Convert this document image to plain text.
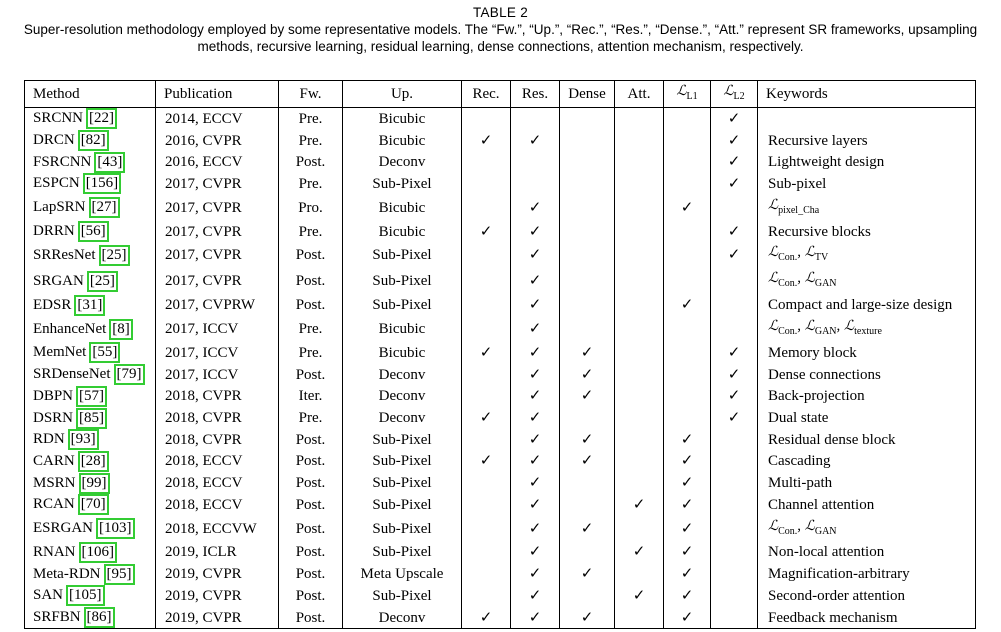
TABLE 2
Super-resolution methodology employed by some representative models. The “Fw.”, “Up.”, “Rec.”, “Res.”, “Dense.”, “Att.” represent SR frameworks, upsampling methods, recursive learning, residual learning, dense connections, attention mechanism, respectively.
Method	Publication	Fw.	Up.	Rec.	Res.	Dense	Att.	ℒ$_{L1}$	ℒ$_{L2}$	Keywords
SRCNN [22]	2014, ECCV	Pre.	Bicubic						✓	
DRCN [82]	2016, CVPR	Pre.	Bicubic	✓	✓				✓	Recursive layers
FSRCNN [43]	2016, ECCV	Post.	Deconv						✓	Lightweight design
ESPCN [156]	2017, CVPR	Pre.	Sub-Pixel						✓	Sub-pixel
LapSRN [27]	2017, CVPR	Pro.	Bicubic		✓			✓		ℒ$_{pixel\_Cha}$
DRRN [56]	2017, CVPR	Pre.	Bicubic	✓	✓				✓	Recursive blocks
SRResNet [25]	2017, CVPR	Post.	Sub-Pixel		✓				✓	ℒ$_{Con.}$, ℒ$_{TV}$
SRGAN [25]	2017, CVPR	Post.	Sub-Pixel		✓					ℒ$_{Con.}$, ℒ$_{GAN}$
EDSR [31]	2017, CVPRW	Post.	Sub-Pixel		✓			✓		Compact and large-size design
EnhanceNet [8]	2017, ICCV	Pre.	Bicubic		✓					ℒ$_{Con.}$, ℒ$_{GAN}$, ℒ$_{texture}$
MemNet [55]	2017, ICCV	Pre.	Bicubic	✓	✓	✓			✓	Memory block
SRDenseNet [79]	2017, ICCV	Post.	Deconv		✓	✓			✓	Dense connections
DBPN [57]	2018, CVPR	Iter.	Deconv		✓	✓			✓	Back-projection
DSRN [85]	2018, CVPR	Pre.	Deconv	✓	✓				✓	Dual state
RDN [93]	2018, CVPR	Post.	Sub-Pixel		✓	✓		✓		Residual dense block
CARN [28]	2018, ECCV	Post.	Sub-Pixel	✓	✓	✓		✓		Cascading
MSRN [99]	2018, ECCV	Post.	Sub-Pixel		✓			✓		Multi-path
RCAN [70]	2018, ECCV	Post.	Sub-Pixel		✓		✓	✓		Channel attention
ESRGAN [103]	2018, ECCVW	Post.	Sub-Pixel		✓	✓		✓		ℒ$_{Con.}$, ℒ$_{GAN}$
RNAN [106]	2019, ICLR	Post.	Sub-Pixel		✓		✓	✓		Non-local attention
Meta-RDN [95]	2019, CVPR	Post.	Meta Upscale		✓	✓		✓		Magnification-arbitrary
SAN [105]	2019, CVPR	Post.	Sub-Pixel		✓		✓	✓		Second-order attention
SRFBN [86]	2019, CVPR	Post.	Deconv	✓	✓	✓		✓		Feedback mechanism
